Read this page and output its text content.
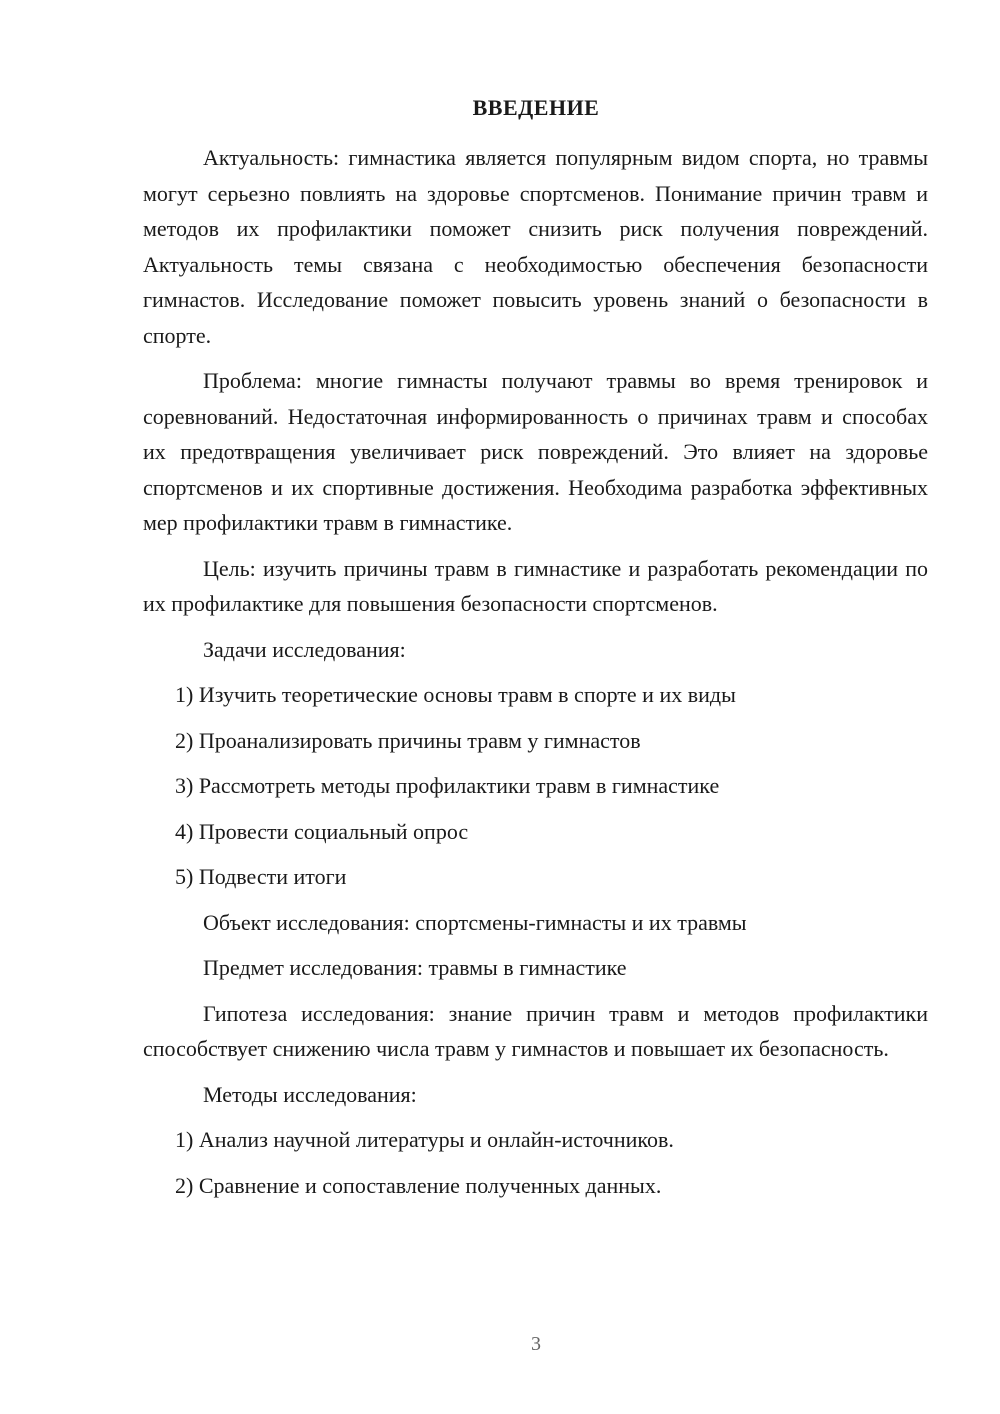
ВВЕДЕНИЕ

Актуальность: гимнастика является популярным видом спорта, но травмы могут серьезно повлиять на здоровье спортсменов. Понимание причин травм и методов их профилактики поможет снизить риск получения повреждений. Актуальность темы связана с необходимостью обеспечения безопасности гимнастов. Исследование поможет повысить уровень знаний о безопасности в спорте.

Проблема: многие гимнасты получают травмы во время тренировок и соревнований. Недостаточная информированность о причинах травм и способах их предотвращения увеличивает риск повреждений. Это влияет на здоровье спортсменов и их спортивные достижения. Необходима разработка эффективных мер профилактики травм в гимнастике.

Цель: изучить причины травм в гимнастике и разработать рекомендации по их профилактике для повышения безопасности спортсменов.

Задачи исследования:

1) Изучить теоретические основы травм в спорте и их виды

2) Проанализировать причины травм у гимнастов

3) Рассмотреть методы профилактики травм в гимнастике

4) Провести социальный опрос

5) Подвести итоги

Объект исследования: спортсмены-гимнасты и их травмы

Предмет исследования: травмы в гимнастике

Гипотеза исследования: знание причин травм и методов профилактики способствует снижению числа травм у гимнастов и повышает их безопасность.

Методы исследования:

1) Анализ научной литературы и онлайн-источников.

2) Сравнение и сопоставление полученных данных.

3
